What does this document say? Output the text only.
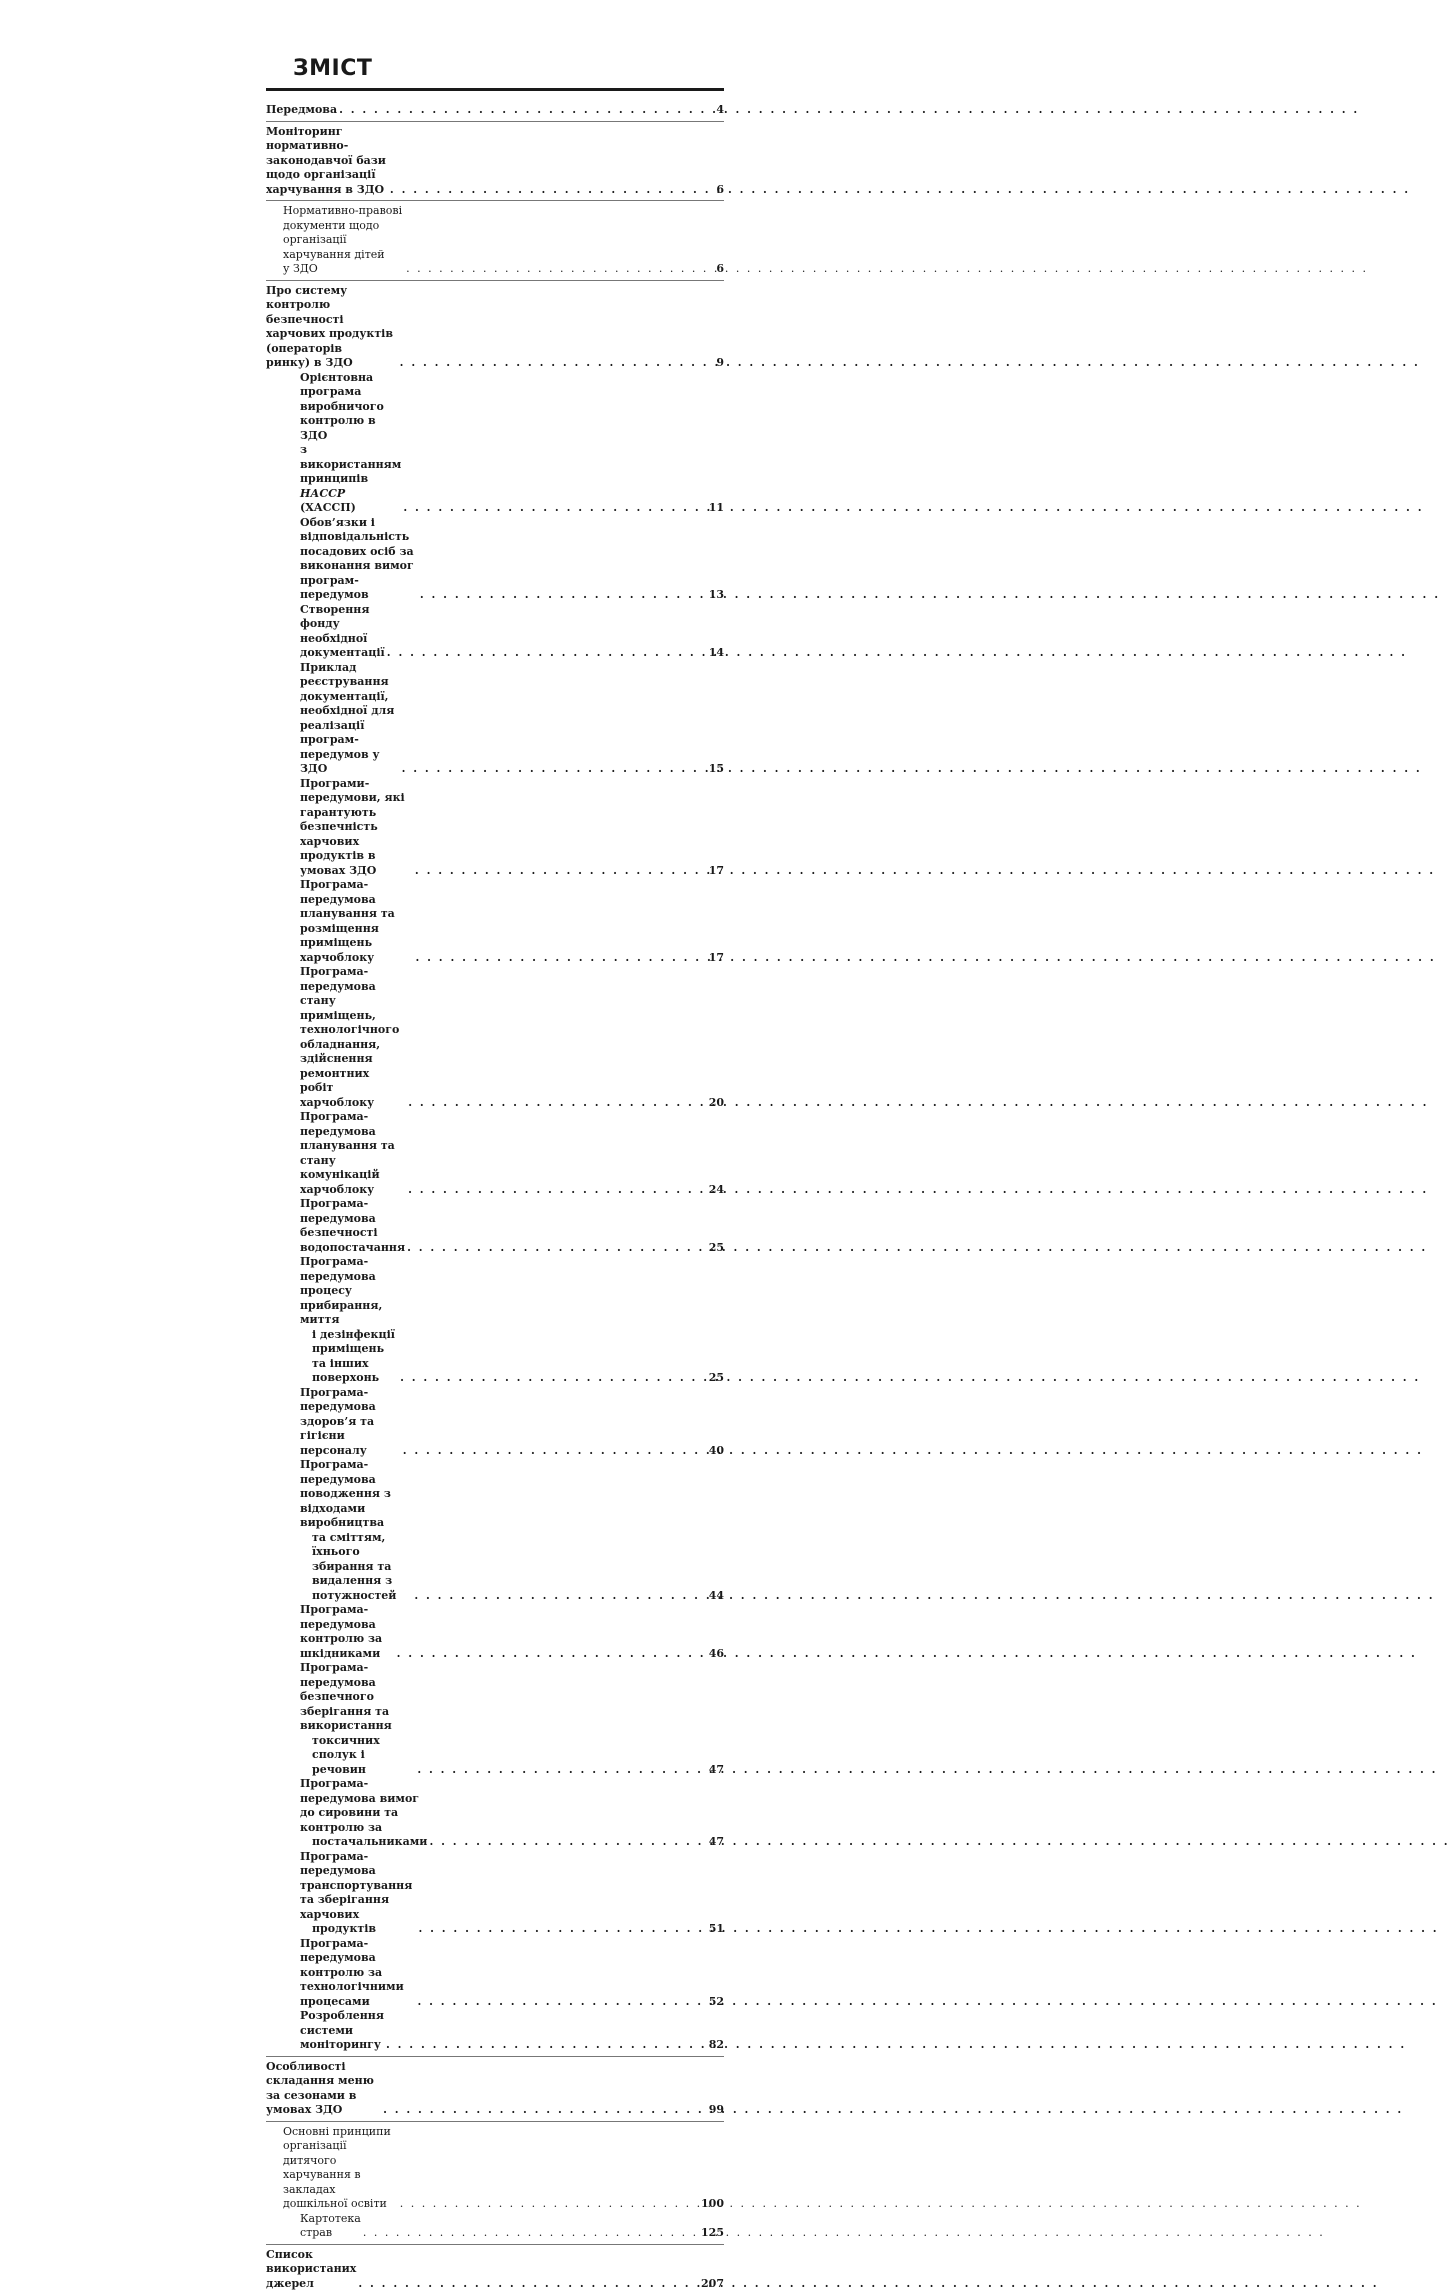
ЗМІСТ
Передмова . . .	4
Моніторинг нормативно-законодавчої бази щодо організації
харчування в ЗДО . . .	6
Нормативно-правові документи щодо організації харчування дітей
у ЗДО . . .	6
Про систему контролю безпечності харчових продуктів (операторів
ринку) в ЗДО . . .	9
Орієнтовна програма виробничого контролю в ЗДО
з використанням принципів НАССР (ХАССП) . . .	11
Обов’язки і відповідальність посадових осіб за виконання вимог
програм-передумов . . .	13
Створення фонду необхідної документації . . .	14
Приклад реєстрування документації,
необхідної для реалізації програм-передумов у ЗДО . . .	15
Програми-передумови, які гарантують безпечність харчових
продуктів в умовах ЗДО . . .	17
Програма-передумова планування та розміщення приміщень
харчоблоку . . .	17
Програма-передумова стану приміщень, технологічного
обладнання, здійснення ремонтних робіт харчоблоку . . .	20
Програма-передумова планування та стану комунікацій
харчоблоку . . .	24
Програма-передумова безпечності водопостачання . . .	25
Програма-передумова процесу прибирання, миття
і дезінфекції приміщень та інших поверхонь . . .	25
Програма-передумова здоров’я та гігієни персоналу . . .	40
Програма-передумова поводження з відходами виробництва
та сміттям, їхнього збирання та видалення з потужностей . . .	44
Програма-передумова контролю за шкідниками . . .	46
Програма-передумова безпечного зберігання та використання
токсичних сполук і речовин . . .	47
Програма-передумова вимог до сировини та контролю за
постачальниками . . .	47
Програма-передумова транспортування та зберігання харчових
продуктів . . .	51
Програма-передумова контролю за технологічними процесами . . .	52
Розроблення системи моніторингу . . .	82
Особливості складання меню за сезонами в умовах ЗДО . . .	99
Основні принципи організації дитячого харчування в закладах
дошкільної освіти . . .	100
Картотека страв . . .	125
Список використаних джерел . . .	207
